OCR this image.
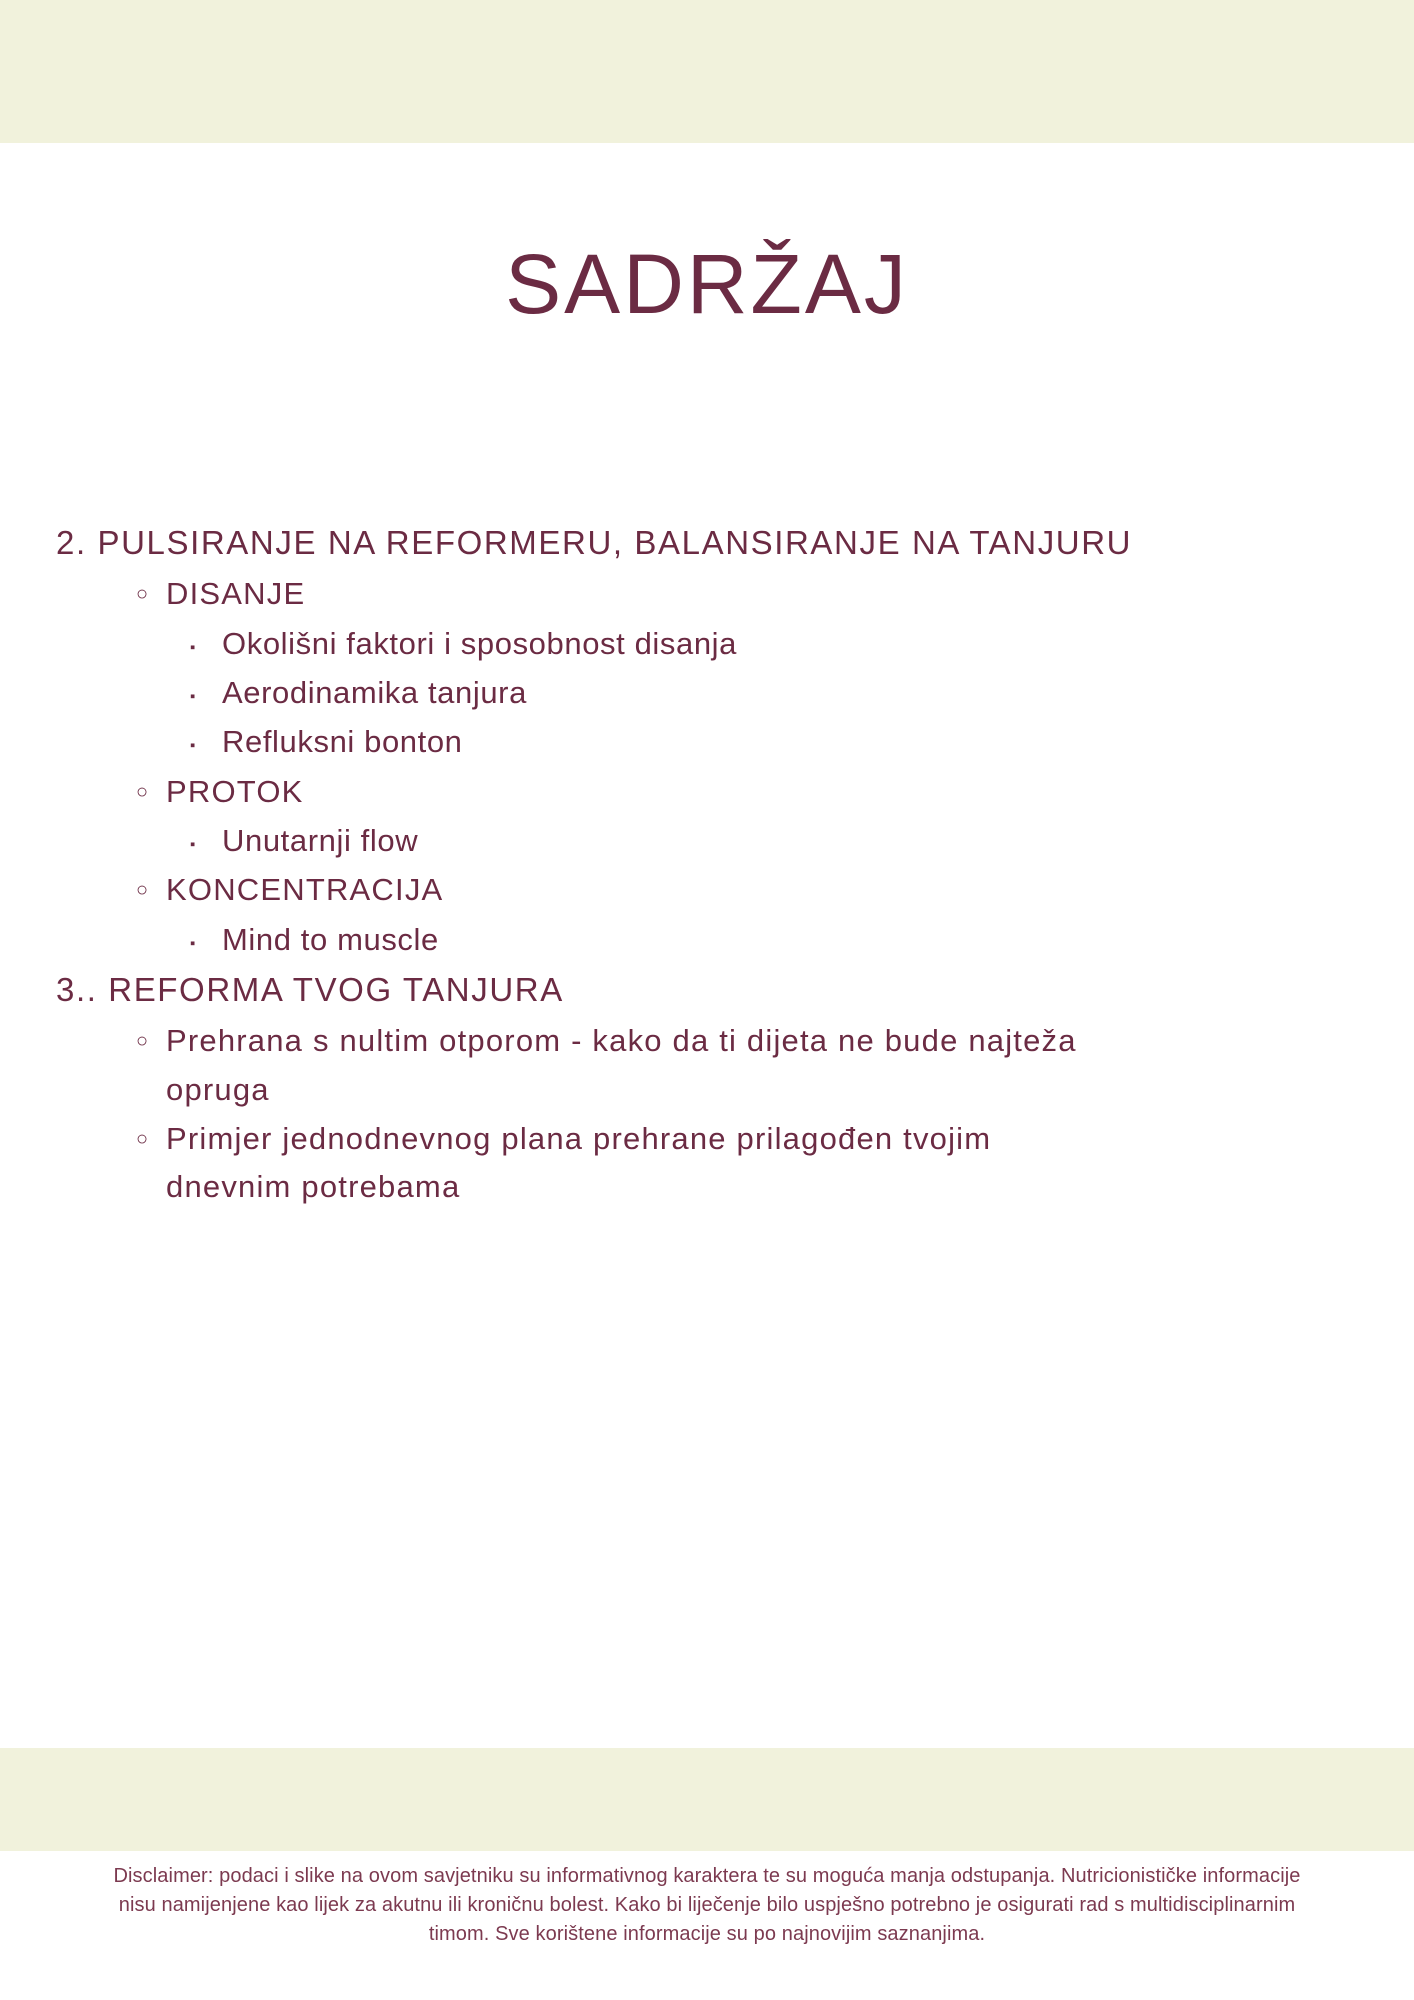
SADRŽAJ
2. PULSIRANJE NA REFORMERU, BALANSIRANJE NA TANJURU
○ DISANJE
▪ Okolišni faktori i sposobnost disanja
▪ Aerodinamika tanjura
▪ Refluksni bonton
○ PROTOK
▪ Unutarnji flow
○ KONCENTRACIJA
▪ Mind to muscle
3.. REFORMA TVOG TANJURA
○ Prehrana s nultim otporom - kako da ti dijeta ne bude najteža opruga
○ Primjer jednodnevnog plana prehrane prilagođen tvojim dnevnim potrebama

Disclaimer: podaci i slike na ovom savjetniku su informativnog karaktera te su moguća manja odstupanja. Nutricionističke informacije

nisu namijenjene kao lijek za akutnu ili kroničnu bolest. Kako bi liječenje bilo uspješno potrebno je osigurati rad s multidisciplinarnim

timom. Sve korištene informacije su po najnovijim saznanjima.
